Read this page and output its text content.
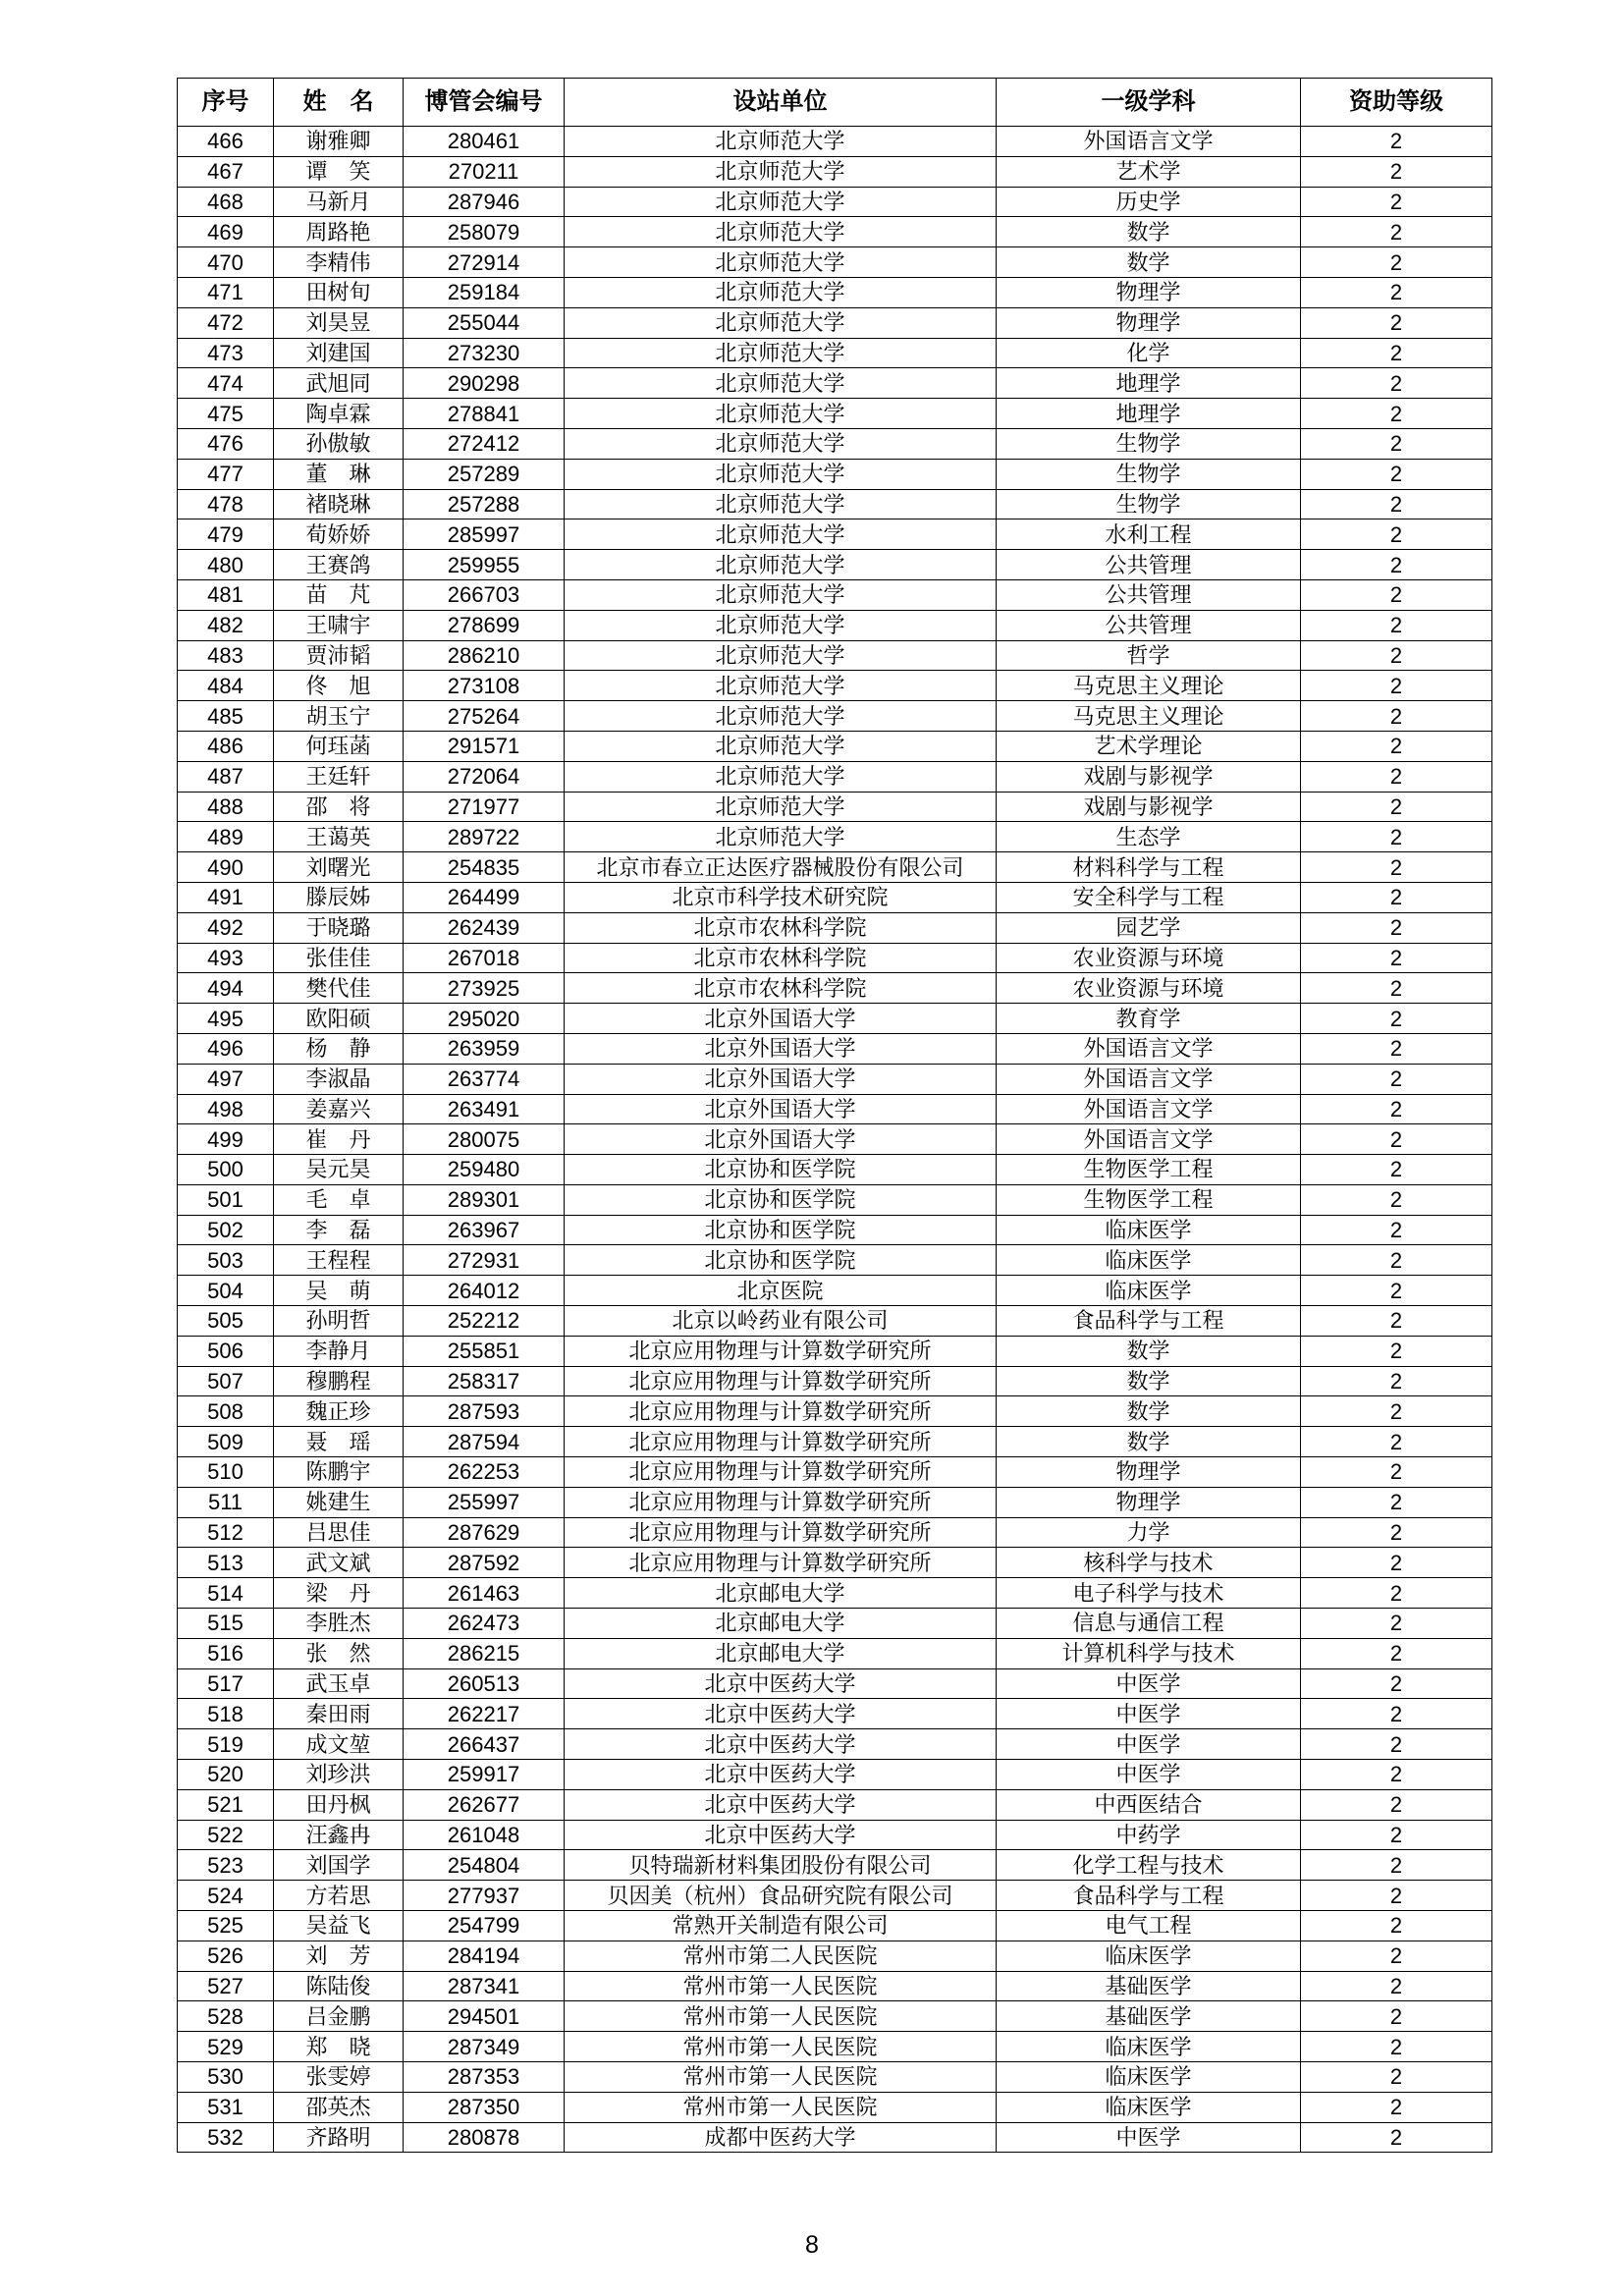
序号	姓　名	博管会编号	设站单位	一级学科	资助等级
466	谢雅卿	280461	北京师范大学	外国语言文学	2
467	谭　笑	270211	北京师范大学	艺术学	2
468	马新月	287946	北京师范大学	历史学	2
469	周路艳	258079	北京师范大学	数学	2
470	李精伟	272914	北京师范大学	数学	2
471	田树旬	259184	北京师范大学	物理学	2
472	刘昊昱	255044	北京师范大学	物理学	2
473	刘建国	273230	北京师范大学	化学	2
474	武旭同	290298	北京师范大学	地理学	2
475	陶卓霖	278841	北京师范大学	地理学	2
476	孙傲敏	272412	北京师范大学	生物学	2
477	董　琳	257289	北京师范大学	生物学	2
478	褚晓琳	257288	北京师范大学	生物学	2
479	荀娇娇	285997	北京师范大学	水利工程	2
480	王赛鸽	259955	北京师范大学	公共管理	2
481	苗　芃	266703	北京师范大学	公共管理	2
482	王啸宇	278699	北京师范大学	公共管理	2
483	贾沛韬	286210	北京师范大学	哲学	2
484	佟　旭	273108	北京师范大学	马克思主义理论	2
485	胡玉宁	275264	北京师范大学	马克思主义理论	2
486	何珏菡	291571	北京师范大学	艺术学理论	2
487	王廷轩	272064	北京师范大学	戏剧与影视学	2
488	邵　将	271977	北京师范大学	戏剧与影视学	2
489	王蔼英	289722	北京师范大学	生态学	2
490	刘曙光	254835	北京市春立正达医疗器械股份有限公司	材料科学与工程	2
491	滕辰姊	264499	北京市科学技术研究院	安全科学与工程	2
492	于晓璐	262439	北京市农林科学院	园艺学	2
493	张佳佳	267018	北京市农林科学院	农业资源与环境	2
494	樊代佳	273925	北京市农林科学院	农业资源与环境	2
495	欧阳硕	295020	北京外国语大学	教育学	2
496	杨　静	263959	北京外国语大学	外国语言文学	2
497	李淑晶	263774	北京外国语大学	外国语言文学	2
498	姜嘉兴	263491	北京外国语大学	外国语言文学	2
499	崔　丹	280075	北京外国语大学	外国语言文学	2
500	吴元昊	259480	北京协和医学院	生物医学工程	2
501	毛　卓	289301	北京协和医学院	生物医学工程	2
502	李　磊	263967	北京协和医学院	临床医学	2
503	王程程	272931	北京协和医学院	临床医学	2
504	吴　萌	264012	北京医院	临床医学	2
505	孙明哲	252212	北京以岭药业有限公司	食品科学与工程	2
506	李静月	255851	北京应用物理与计算数学研究所	数学	2
507	穆鹏程	258317	北京应用物理与计算数学研究所	数学	2
508	魏正珍	287593	北京应用物理与计算数学研究所	数学	2
509	聂　瑶	287594	北京应用物理与计算数学研究所	数学	2
510	陈鹏宇	262253	北京应用物理与计算数学研究所	物理学	2
511	姚建生	255997	北京应用物理与计算数学研究所	物理学	2
512	吕思佳	287629	北京应用物理与计算数学研究所	力学	2
513	武文斌	287592	北京应用物理与计算数学研究所	核科学与技术	2
514	梁　丹	261463	北京邮电大学	电子科学与技术	2
515	李胜杰	262473	北京邮电大学	信息与通信工程	2
516	张　然	286215	北京邮电大学	计算机科学与技术	2
517	武玉卓	260513	北京中医药大学	中医学	2
518	秦田雨	262217	北京中医药大学	中医学	2
519	成文堃	266437	北京中医药大学	中医学	2
520	刘珍洪	259917	北京中医药大学	中医学	2
521	田丹枫	262677	北京中医药大学	中西医结合	2
522	汪鑫冉	261048	北京中医药大学	中药学	2
523	刘国学	254804	贝特瑞新材料集团股份有限公司	化学工程与技术	2
524	方若思	277937	贝因美（杭州）食品研究院有限公司	食品科学与工程	2
525	吴益飞	254799	常熟开关制造有限公司	电气工程	2
526	刘　芳	284194	常州市第二人民医院	临床医学	2
527	陈陆俊	287341	常州市第一人民医院	基础医学	2
528	吕金鹏	294501	常州市第一人民医院	基础医学	2
529	郑　晓	287349	常州市第一人民医院	临床医学	2
530	张雯婷	287353	常州市第一人民医院	临床医学	2
531	邵英杰	287350	常州市第一人民医院	临床医学	2
532	齐路明	280878	成都中医药大学	中医学	2
8
